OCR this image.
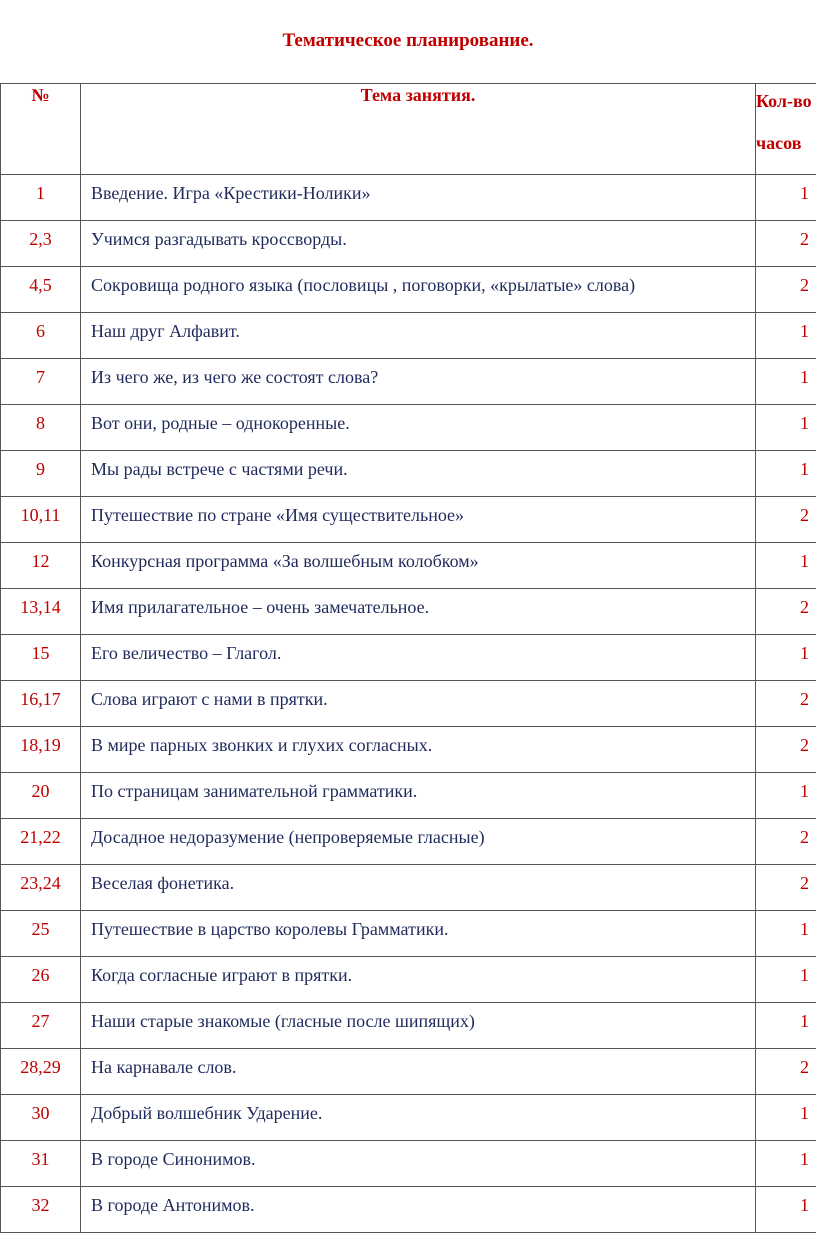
Тематическое планирование.
№	Тема занятия.	Кол-во
часов

1	Введение. Игра «Крестики-Нолики»	1
2,3	Учимся разгадывать кроссворды.	2
4,5	Сокровища родного языка (пословицы , поговорки, «крылатые» слова)	2
6	Наш друг Алфавит.	1
7	Из чего же, из чего же состоят слова?	1
8	Вот они, родные – однокоренные.	1
9	Мы рады встрече с частями речи.	1
10,11	Путешествие по стране «Имя существительное»	2
12	Конкурсная программа «За волшебным колобком»	1
13,14	Имя прилагательное – очень замечательное.	2
15	Его величество – Глагол.	1
16,17	Слова играют с нами в прятки.	2
18,19	В мире парных звонких и глухих согласных.	2
20	По страницам занимательной грамматики.	1
21,22	Досадное недоразумение (непроверяемые гласные)	2
23,24	Веселая фонетика.	2
25	Путешествие в царство королевы Грамматики.	1
26	Когда согласные играют в прятки.	1
27	Наши старые знакомые (гласные после шипящих)	1
28,29	На карнавале слов.	2
30	Добрый волшебник Ударение.	1
31	В городе Синонимов.	1
32	В городе Антонимов.	1
